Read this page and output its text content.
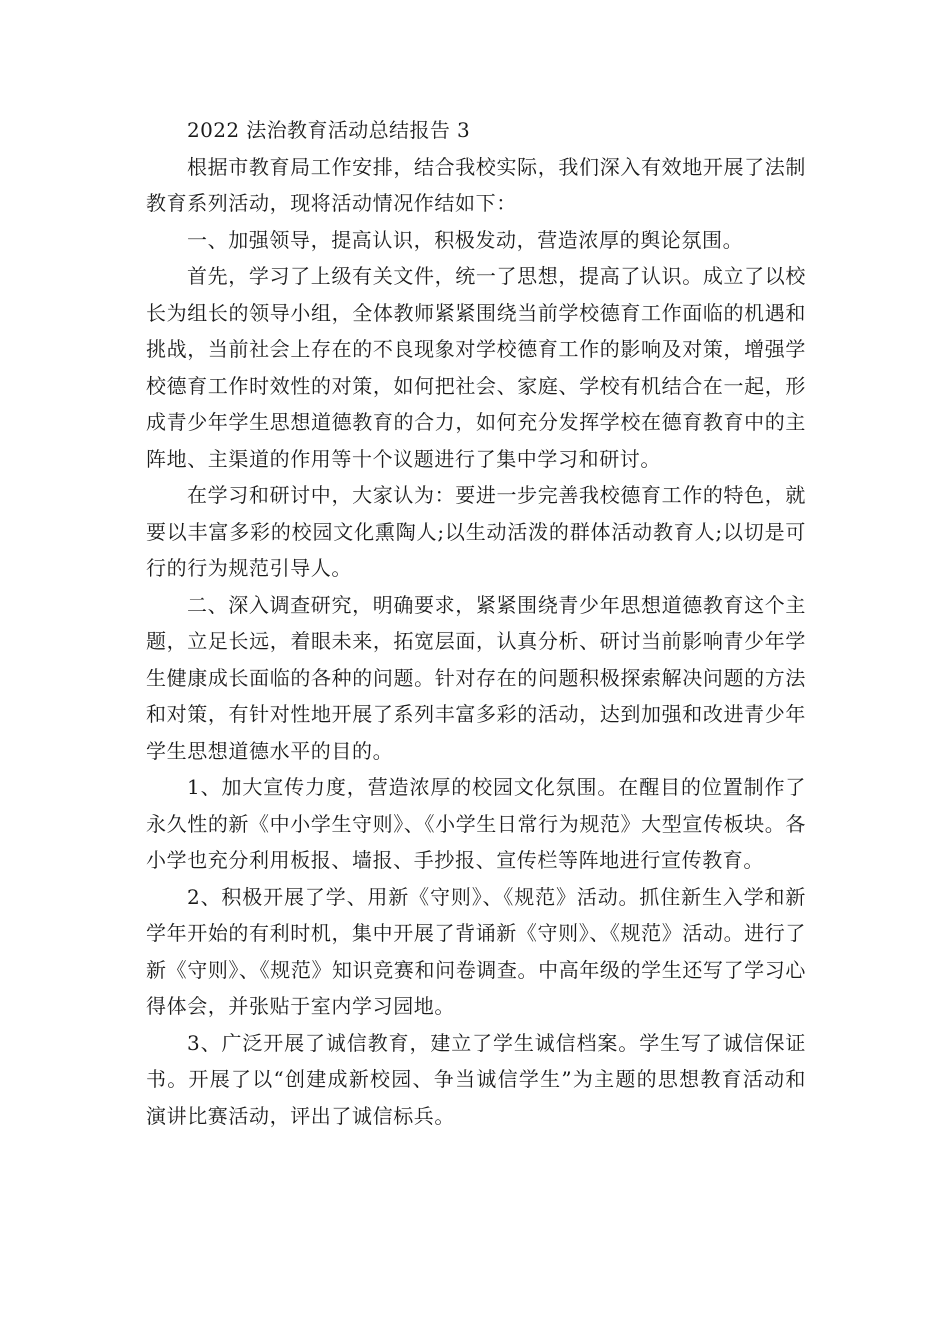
2022 法治教育活动总结报告 3

根据市教育局工作安排，结合我校实际，我们深入有效地开展了法制教育系列活动，现将活动情况作结如下：

一、加强领导，提高认识，积极发动，营造浓厚的舆论氛围。

首先，学习了上级有关文件，统一了思想，提高了认识。成立了以校长为组长的领导小组，全体教师紧紧围绕当前学校德育工作面临的机遇和挑战，当前社会上存在的不良现象对学校德育工作的影响及对策，增强学校德育工作时效性的对策，如何把社会、家庭、学校有机结合在一起，形成青少年学生思想道德教育的合力，如何充分发挥学校在德育教育中的主阵地、主渠道的作用等十个议题进行了集中学习和研讨。

在学习和研讨中，大家认为：要进一步完善我校德育工作的特色，就要以丰富多彩的校园文化熏陶人;以生动活泼的群体活动教育人;以切是可行的行为规范引导人。

二、深入调查研究，明确要求，紧紧围绕青少年思想道德教育这个主题，立足长远，着眼未来，拓宽层面，认真分析、研讨当前影响青少年学生健康成长面临的各种的问题。针对存在的问题积极探索解决问题的方法和对策，有针对性地开展了系列丰富多彩的活动，达到加强和改进青少年学生思想道德水平的目的。

1、加大宣传力度，营造浓厚的校园文化氛围。在醒目的位置制作了永久性的新《中小学生守则》、《小学生日常行为规范》大型宣传板块。各小学也充分利用板报、墙报、手抄报、宣传栏等阵地进行宣传教育。

2、积极开展了学、用新《守则》、《规范》活动。抓住新生入学和新学年开始的有利时机，集中开展了背诵新《守则》、《规范》活动。进行了新《守则》、《规范》知识竞赛和问卷调查。中高年级的学生还写了学习心得体会，并张贴于室内学习园地。

3、广泛开展了诚信教育，建立了学生诚信档案。学生写了诚信保证书。开展了以“创建成新校园、争当诚信学生”为主题的思想教育活动和演讲比赛活动，评出了诚信标兵。
